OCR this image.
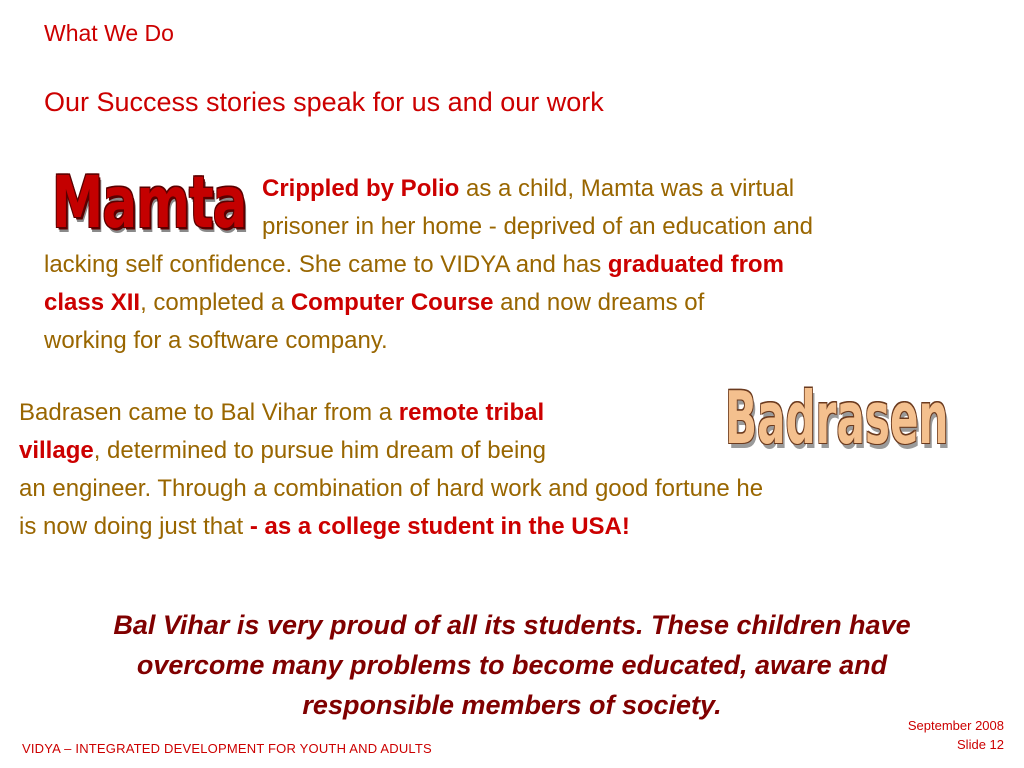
What We Do
Our Success stories speak for us and our work
Crippled by Polio as a child, Mamta was a virtual
prisoner in her home - deprived of an education and
lacking self confidence. She came to VIDYA and has graduated from
class XII, completed a Computer Course and now dreams of
working for a software company.
Mamta
Badrasen came to Bal Vihar from a remote tribal
village, determined to pursue him dream of being
an engineer. Through a combination of hard work and good fortune he
is now doing just that - as a college student in the USA!
Badrasen
Bal Vihar is very proud of all its students. These children have
overcome many problems to become educated, aware and
responsible members of society.
VIDYA – INTEGRATED DEVELOPMENT FOR YOUTH AND ADULTS
September 2008
Slide 12
